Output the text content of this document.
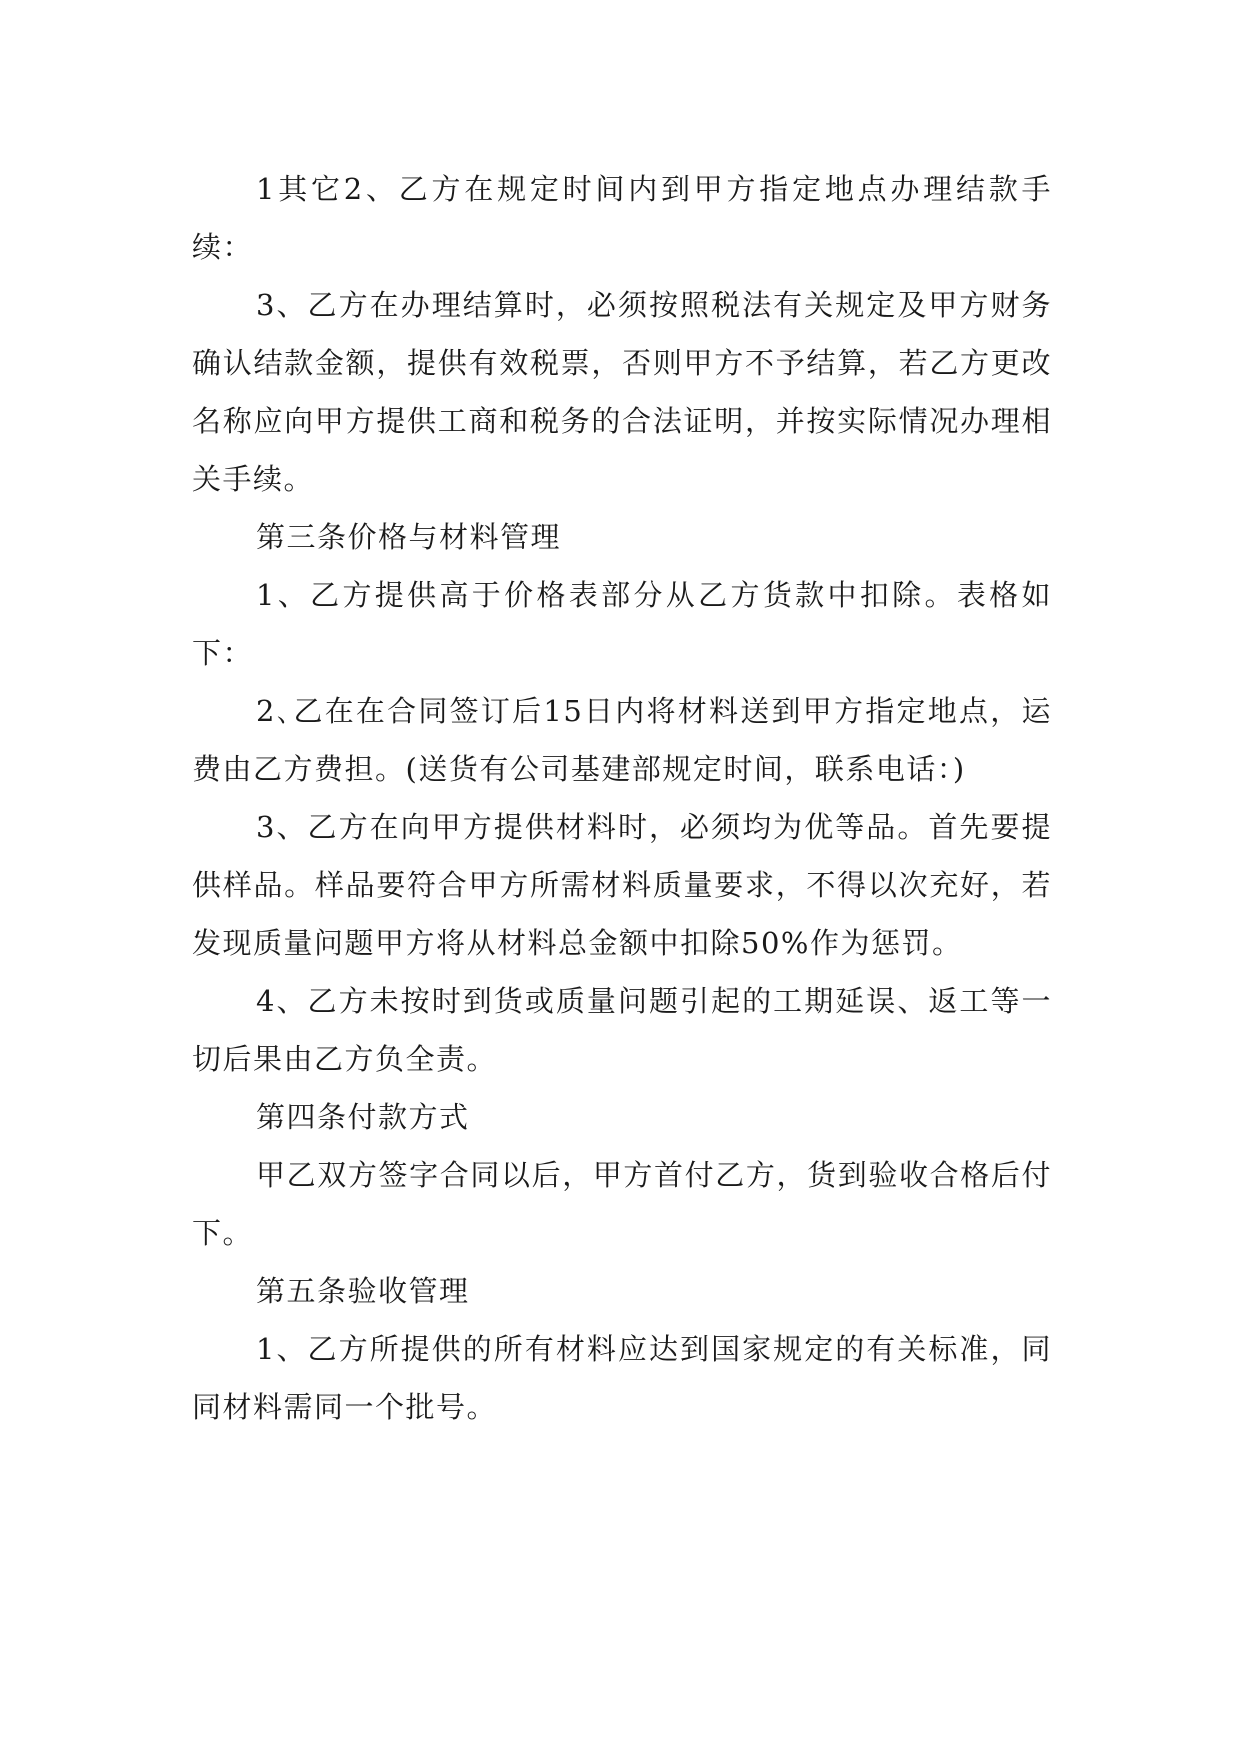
1其它2、乙方在规定时间内到甲方指定地点办理结款手续：

3、乙方在办理结算时，必须按照税法有关规定及甲方财务确认结款金额，提供有效税票，否则甲方不予结算，若乙方更改名称应向甲方提供工商和税务的合法证明，并按实际情况办理相关手续。

第三条价格与材料管理

1、乙方提供高于价格表部分从乙方货款中扣除。表格如下：

2､乙在在合同签订后15日内将材料送到甲方指定地点，运费由乙方费担。(送货有公司基建部规定时间，联系电话：)

3、乙方在向甲方提供材料时，必须均为优等品。首先要提供样品。样品要符合甲方所需材料质量要求，不得以次充好，若发现质量问题甲方将从材料总金额中扣除50%作为惩罚。

4、乙方未按时到货或质量问题引起的工期延误、返工等一切后果由乙方负全责。

第四条付款方式

甲乙双方签字合同以后，甲方首付乙方，货到验收合格后付下。

第五条验收管理

1、乙方所提供的所有材料应达到国家规定的有关标准，同同材料需同一个批号。
